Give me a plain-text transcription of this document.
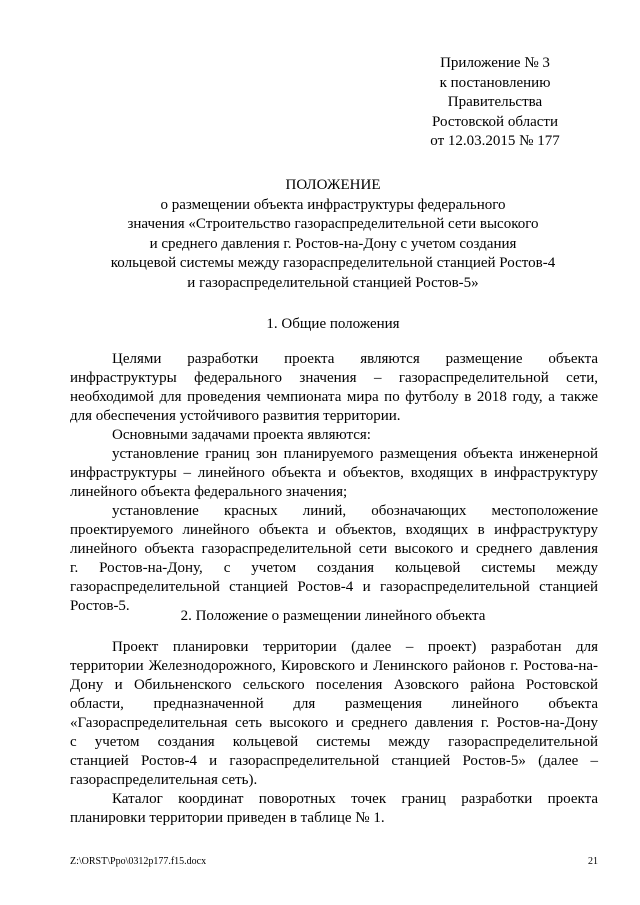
Приложение № 3
к постановлению
Правительства
Ростовской области
от 12.03.2015 № 177
ПОЛОЖЕНИЕ
о размещении объекта инфраструктуры федерального
значения «Строительство газораспределительной сети высокого
и среднего давления г. Ростов-на-Дону с учетом создания
кольцевой системы между газораспределительной станцией Ростов-4
и газораспределительной станцией Ростов-5»
1. Общие положения
Целями разработки проекта являются размещение объекта
инфраструктуры федерального значения – газораспределительной сети,
необходимой для проведения чемпионата мира по футболу в 2018 году, а также
для обеспечения устойчивого развития территории.
Основными задачами проекта являются:
установление границ зон планируемого размещения объекта инженерной
инфраструктуры – линейного объекта и объектов, входящих в инфраструктуру
линейного объекта федерального значения;
установление красных линий, обозначающих местоположение
проектируемого линейного объекта и объектов, входящих в инфраструктуру
линейного объекта газораспределительной сети высокого и среднего давления
г. Ростов-на-Дону, с учетом создания кольцевой системы между
газораспределительной станцией Ростов-4 и газораспределительной станцией
Ростов-5.
2. Положение о размещении линейного объекта
Проект планировки территории (далее – проект) разработан для
территории Железнодорожного, Кировского и Ленинского районов г. Ростова-на-
Дону и Обильненского сельского поселения Азовского района Ростовской
области, предназначенной для размещения линейного объекта
«Газораспределительная сеть высокого и среднего давления г. Ростов-на-Дону
с учетом создания кольцевой системы между газораспределительной
станцией Ростов-4 и газораспределительной станцией Ростов-5» (далее –
газораспределительная сеть).
Каталог координат поворотных точек границ разработки проекта
планировки территории приведен в таблице № 1.
Z:\ORST\Ppo\0312p177.f15.docx	21
